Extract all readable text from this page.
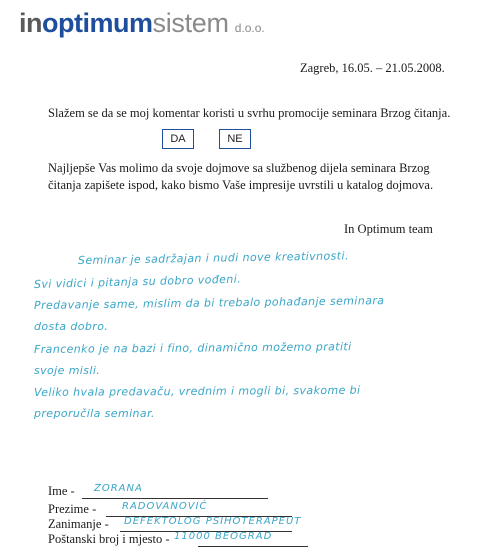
inoptimumsistem d.o.o.
Zagreb, 16.05. – 21.05.2008.
Slažem se da se moj komentar koristi u svrhu promocije seminara Brzog čitanja.
DA	NE
Najljepše Vas molimo da svoje dojmove sa službenog dijela seminara Brzog čitanja zapišete ispod, kako bismo Vaše impresije uvrstili u katalog dojmova.
In Optimum team
Seminar je sadržajan i nudi nove kreativnosti.
Svi vidici i pitanja su dobro vođeni.
Predavanje same, mislim da bi trebalo pohađanje seminara
dosta dobro.
Francenko je na bazi i fino, dinamično možemo pratiti
svoje misli.
Veliko hvala predavaču, vrednim i mogli bi, svakome bi
preporučila seminar.
Ime - ZORANA
Prezime -	RADOVANOVIĆ
Zanimanje - DEFEKTOLOG PSIHOTERAPEUT
Poštanski broj i mjesto - 11000 BEOGRAD
